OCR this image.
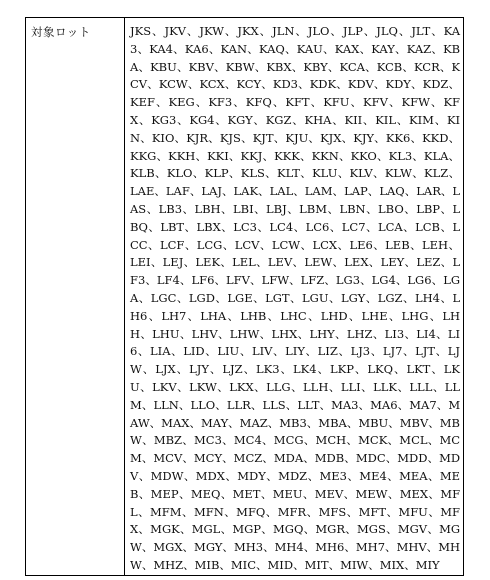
対象ロット	JKS、JKV、JKW、JKX、JLN、JLO、JLP、JLQ、JLT、KA3、KA4、KA6、KAN、KAQ、KAU、KAX、KAY、KAZ、KBA、KBU、KBV、KBW、KBX、KBY、KCA、KCB、KCR、KCV、KCW、KCX、KCY、KD3、KDK、KDV、KDY、KDZ、KEF、KEG、KF3、KFQ、KFT、KFU、KFV、KFW、KFX、KG3、KG4、KGY、KGZ、KHA、KII、KIL、KIM、KIN、KIO、KJR、KJS、KJT、KJU、KJX、KJY、KK6、KKD、KKG、KKH、KKI、KKJ、KKK、KKN、KKO、KL3、KLA、KLB、KLO、KLP、KLS、KLT、KLU、KLV、KLW、KLZ、LAE、LAF、LAJ、LAK、LAL、LAM、LAP、LAQ、LAR、LAS、LB3、LBH、LBI、LBJ、LBM、LBN、LBO、LBP、LBQ、LBT、LBX、LC3、LC4、LC6、LC7、LCA、LCB、LCC、LCF、LCG、LCV、LCW、LCX、LE6、LEB、LEH、LEI、LEJ、LEK、LEL、LEV、LEW、LEX、LEY、LEZ、LF3、LF4、LF6、LFV、LFW、LFZ、LG3、LG4、LG6、LGA、LGC、LGD、LGE、LGT、LGU、LGY、LGZ、LH4、LH6、LH7、LHA、LHB、LHC、LHD、LHE、LHG、LHH、LHU、LHV、LHW、LHX、LHY、LHZ、LI3、LI4、LI6、LIA、LID、LIU、LIV、LIY、LIZ、LJ3、LJ7、LJT、LJW、LJX、LJY、LJZ、LK3、LK4、LKP、LKQ、LKT、LKU、LKV、LKW、LKX、LLG、LLH、LLI、LLK、LLL、LLM、LLN、LLO、LLR、LLS、LLT、MA3、MA6、MA7、MAW、MAX、MAY、MAZ、MB3、MBA、MBU、MBV、MBW、MBZ、MC3、MC4、MCG、MCH、MCK、MCL、MCM、MCV、MCY、MCZ、MDA、MDB、MDC、MDD、MDV、MDW、MDX、MDY、MDZ、ME3、ME4、MEA、MEB、MEP、MEQ、MET、MEU、MEV、MEW、MEX、MFL、MFM、MFN、MFQ、MFR、MFS、MFT、MFU、MFX、MGK、MGL、MGP、MGQ、MGR、MGS、MGV、MGW、MGX、MGY、MH3、MH4、MH6、MH7、MHV、MHW、MHZ、MIB、MIC、MID、MIT、MIW、MIX、MIY
